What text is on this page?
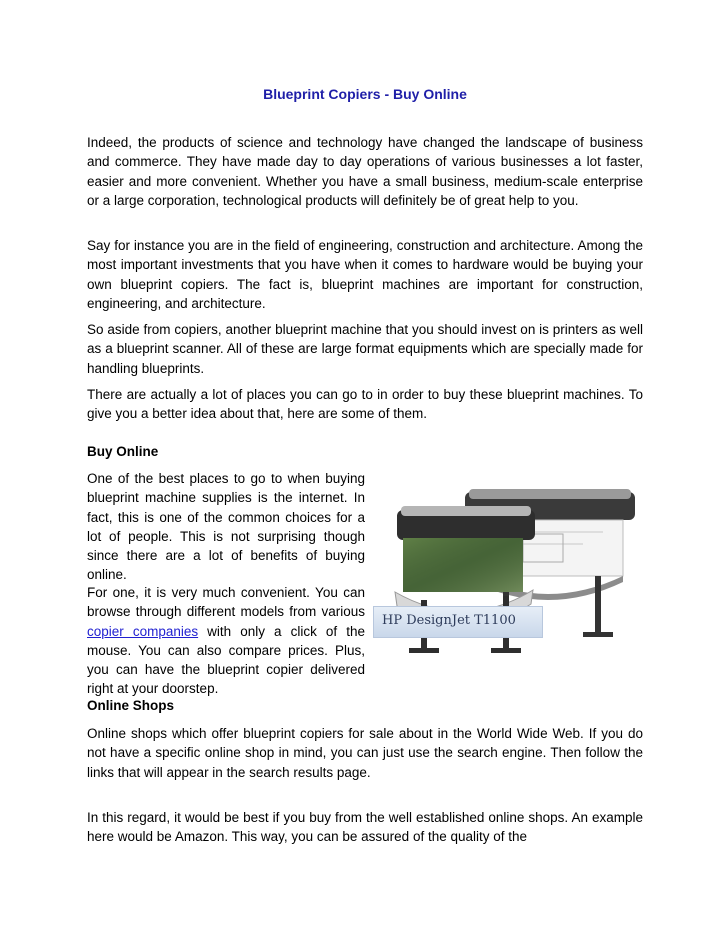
Blueprint Copiers - Buy Online

Indeed, the products of science and technology have changed the landscape of business and commerce. They have made day to day operations of various businesses a lot faster, easier and more convenient. Whether you have a small business, medium-scale enterprise or a large corporation, technological products will definitely be of great help to you.

Say for instance you are in the field of engineering, construction and architecture. Among the most important investments that you have when it comes to hardware would be buying your own blueprint copiers. The fact is, blueprint machines are important for construction, engineering, and architecture.

So aside from copiers, another blueprint machine that you should invest on is printers as well as a blueprint scanner. All of these are large format equipments which are specially made for handling blueprints.

There are actually a lot of places you can go to in order to buy these blueprint machines. To give you a better idea about that, here are some of them.

Buy Online

One of the best places to go to when buying blueprint machine supplies is the internet. In fact, this is one of the common choices for a lot of people. This is not surprising though since there are a lot of benefits of buying online.

For one, it is very much convenient. You can browse through different models from various copier companies with only a click of the mouse. You can also compare prices. Plus, you can have the blueprint copier delivered right at your doorstep.

HP DesignJet T1100
Online Shops

Online shops which offer blueprint copiers for sale about in the World Wide Web. If you do not have a specific online shop in mind, you can just use the search engine. Then follow the links that will appear in the search results page.

In this regard, it would be best if you buy from the well established online shops. An example here would be Amazon. This way, you can be assured of the quality of the
